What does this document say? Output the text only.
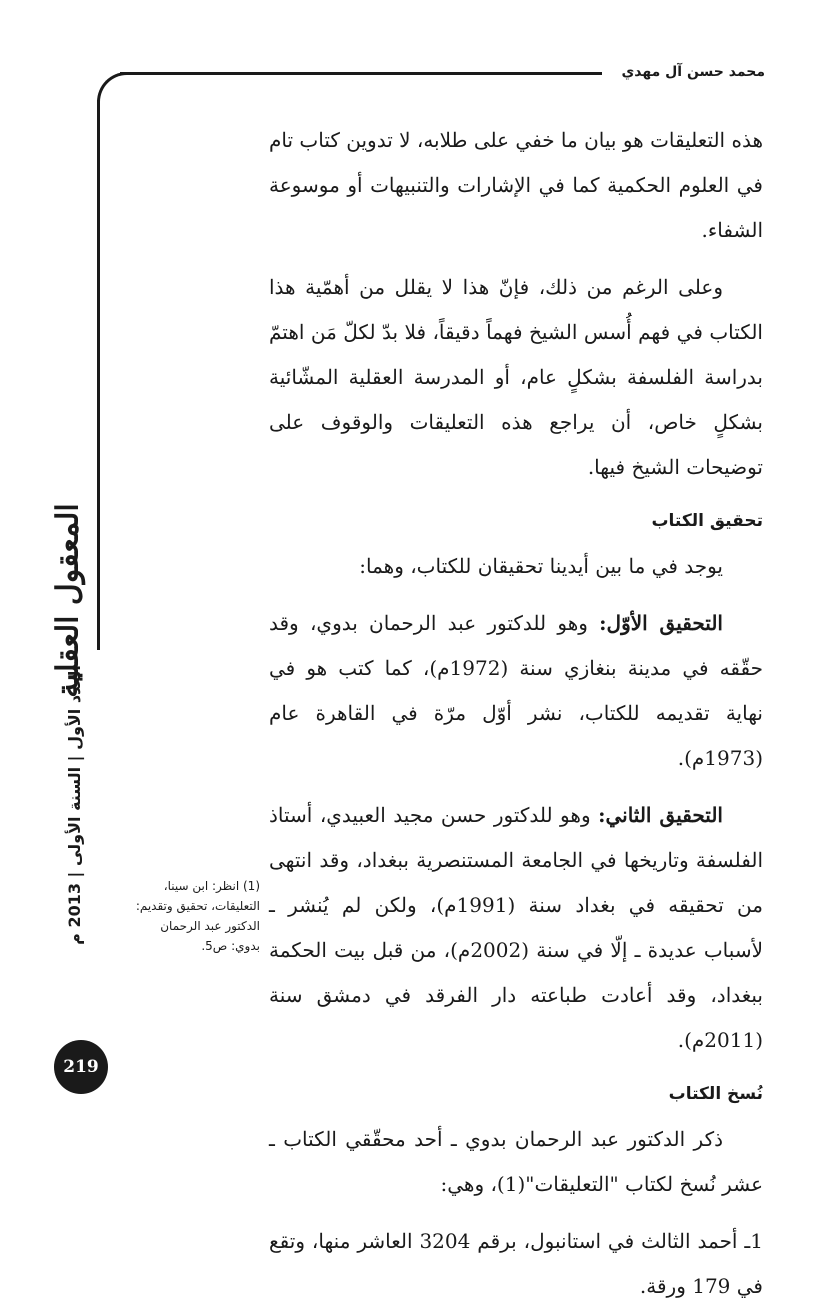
محمد حسن آل مهدي

هذه التعليقات هو بيان ما خفي على طلابه، لا تدوين كتاب تام في العلوم الحكمية كما في الإشارات والتنبيهات أو موسوعة الشفاء.

وعلى الرغم من ذلك، فإنّ هذا لا يقلل من أهمّية هذا الكتاب في فهم أُسس الشيخ فهماً دقيقاً، فلا بدّ لكلّ مَن اهتمّ بدراسة الفلسفة بشكلٍ عام، أو المدرسة العقلية المشّائية بشكلٍ خاص، أن يراجع هذه التعليقات والوقوف على توضيحات الشيخ فيها.

تحقيق الكتاب

يوجد في ما بين أيدينا تحقيقان للكتاب، وهما:

التحقيق الأوّل: وهو للدكتور عبد الرحمان بدوي، وقد حقّقه في مدينة بنغازي سنة (1972م)، كما كتب هو في نهاية تقديمه للكتاب، نشر أوّل مرّة في القاهرة عام (1973م).

التحقيق الثاني: وهو للدكتور حسن مجيد العبيدي، أستاذ الفلسفة وتاريخها في الجامعة المستنصرية ببغداد، وقد انتهى من تحقيقه في بغداد سنة (1991م)، ولكن لم يُنشر ـ لأسباب عديدة ـ إلّا في سنة (2002م)، من قبل بيت الحكمة ببغداد، وقد أعادت طباعته دار الفرقد في دمشق سنة (2011م).

نُسخ الكتاب

ذكر الدكتور عبد الرحمان بدوي ـ أحد محقّقي الكتاب ـ عشر نُسخ لكتاب "التعليقات"(1)، وهي:

1ـ أحمد الثالث في استانبول، برقم 3204 العاشر منها، وتقع في 179 ورقة.

المعقول العقلية
العدد الأول | السنة الأولى | 2013 م
(1) انظر: ابن سينا، التعليقات، تحقيق وتقديم: الدكتور عبد الرحمان بدوي: ص5.
219
